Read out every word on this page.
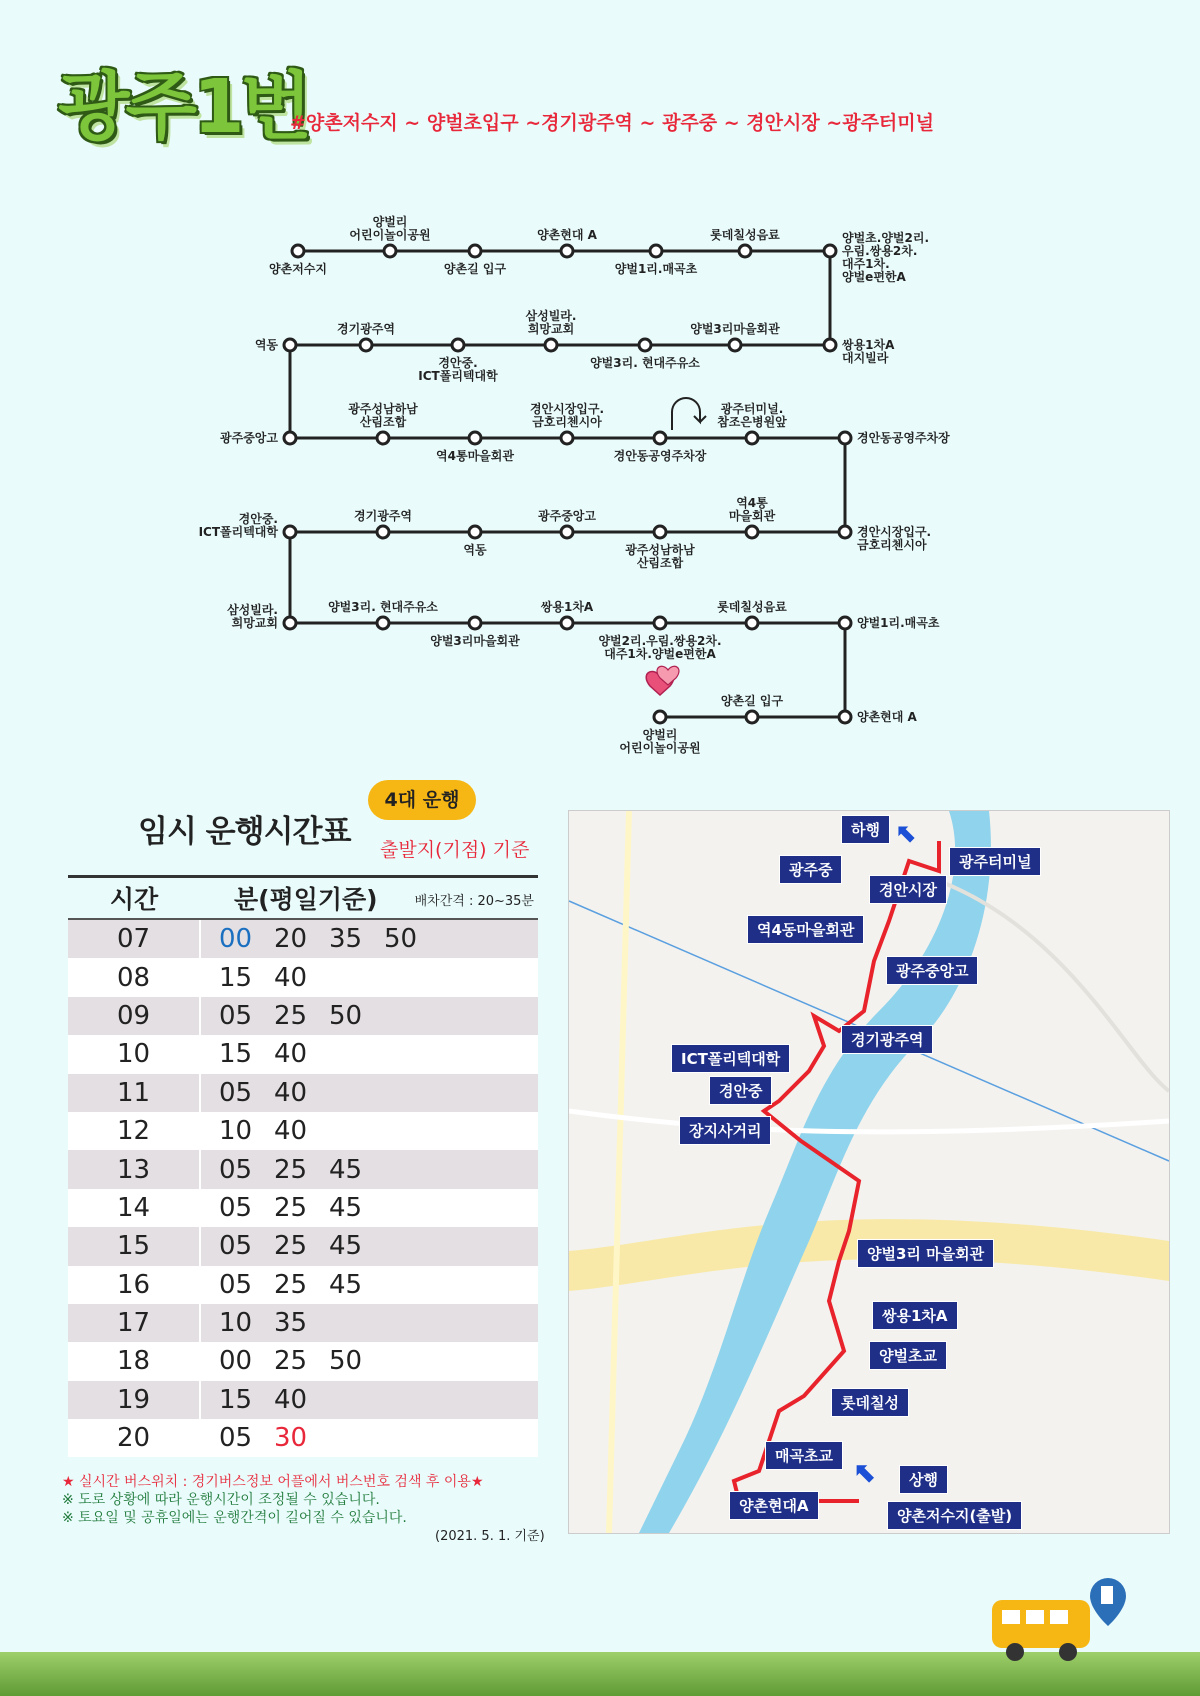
광주1번
#양촌저수지 ~ 양벌초입구 ~경기광주역 ~ 광주중 ~ 경안시장 ~광주터미널
양촌저수지
양벌리 어린이놀이공원
양촌길 입구
양촌현대 A
양벌1리.매곡초
롯데칠성음료	양벌초.양벌2리. 우림.쌍용2차. 대주1차. 양벌e편한A
역동
경기광주역
경안중. ICT폴리텍대학
삼성빌라. 희망교회
양벌3리. 현대주유소
양벌3리마을회관
쌍용1차A 대지빌라
광주중앙고
광주성남하남 산림조합
역4통마을회관
경안시장입구. 금호리첸시아
경안동공영주차장
광주터미널. 참조은병원앞
경안동공영주차장
경안중. ICT폴리텍대학
경기광주역
역동
광주중앙고
광주성남하남 산림조합
역4통 마을회관
경안시장입구. 금호리첸시아
삼성빌라. 희망교회
양벌3리. 현대주유소
양벌3리마을회관
쌍용1차A
양벌2리.우림.쌍용2차. 대주1차.양벌e편한A
롯데칠성음료
양벌1리.매곡초
양벌리 어린이놀이공원
양촌길 입구
양촌현대 A
임시 운행시간표
4대 운행
출발지(기점) 기준
시간	분(평일기준) 배차간격 : 20~35분

07	00 20 35 50
08	15 40
09	05 25 50
10	15 40
11	05 40
12	10 40
13	05 25 45
14	05 25 45
15	05 25 45
16	05 25 45
17	10 35
18	00 25 50
19	15 40
20	05 30
★ 실시간 버스위치 : 경기버스정보 어플에서 버스번호 검색 후 이용★
※ 도로 상황에 따라 운행시간이 조정될 수 있습니다.
※ 토요일 및 공휴일에는 운행간격이 길어질 수 있습니다.
(2021. 5. 1. 기준)
하행 ⬉
광주중	광주터미널
경안시장
역4동마을회관
광주중앙고
경기광주역
ICT폴리텍대학
경안중
장지사거리
양벌3리 마을회관
쌍용1차A
양벌초교
롯데칠성
매곡초교 ⬉	상행
양촌현대A
양촌저수지(출발)
